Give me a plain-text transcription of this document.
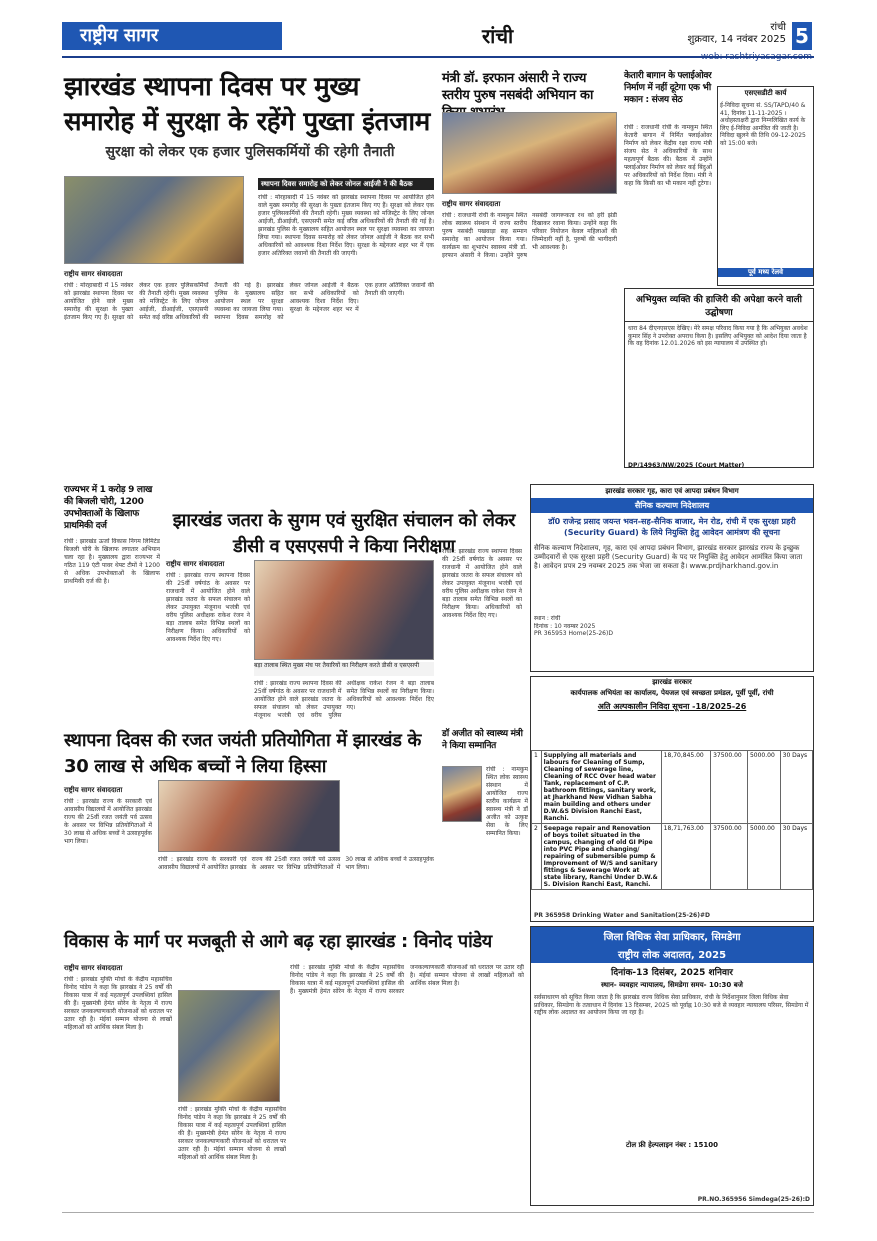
राष्ट्रीय सागर	रांची	रांची
शुक्रवार, 14 नवंबर 2025 5
web: rashtriyasagar.com
झारखंड स्थापना दिवस पर मुख्य समारोह में सुरक्षा के रहेंगे पुख्ता इंतजाम
सुरक्षा को लेकर एक हजार पुलिसकर्मियों की रहेगी तैनाती
स्थापना दिवस समारोह को लेकर जोनल आईजी ने की बैठक
रांची : मोरहाबादी में 15 नवंबर को झारखंड स्थापना दिवस पर आयोजित होने वाले मुख्य समारोह की सुरक्षा के पुख्ता इंतजाम किए गए हैं। सुरक्षा को लेकर एक हजार पुलिसकर्मियों की तैनाती रहेगी। मुख्य व्यवस्था को मजिस्ट्रेट के लिए जोनल आईजी, डीआईजी, एसएसपी समेत कई वरिष्ठ अधिकारियों की तैनाती की गई है। झारखंड पुलिस के मुख्यालय सहित आयोजन स्थल पर सुरक्षा व्यवस्था का जायजा लिया गया। स्थापना दिवस समारोह को लेकर जोनल आईजी ने बैठक कर सभी अधिकारियों को आवश्यक दिशा निर्देश दिए। सुरक्षा के मद्देनजर शहर भर में एक हजार अतिरिक्त जवानों की तैनाती की जाएगी।
राष्ट्रीय सागर संवाददाता
रांची : मोरहाबादी में 15 नवंबर को झारखंड स्थापना दिवस पर आयोजित होने वाले मुख्य समारोह की सुरक्षा के पुख्ता इंतजाम किए गए हैं। सुरक्षा को लेकर एक हजार पुलिसकर्मियों की तैनाती रहेगी। मुख्य व्यवस्था को मजिस्ट्रेट के लिए जोनल आईजी, डीआईजी, एसएसपी समेत कई वरिष्ठ अधिकारियों की तैनाती की गई है। झारखंड पुलिस के मुख्यालय सहित आयोजन स्थल पर सुरक्षा व्यवस्था का जायजा लिया गया। स्थापना दिवस समारोह को लेकर जोनल आईजी ने बैठक कर सभी अधिकारियों को आवश्यक दिशा निर्देश दिए। सुरक्षा के मद्देनजर शहर भर में एक हजार अतिरिक्त जवानों की तैनाती की जाएगी।
मंत्री डॉ. इरफान अंसारी ने राज्य स्तरीय पुरुष नसबंदी अभियान का
राष्ट्रीय सागर संवाददाता
रांची : राजधानी रांची के नामकुम स्थित लोक स्वास्थ्य संस्थान में राज्य स्तरीय पुरुष नसबंदी पखवाड़ा सह सम्मान समारोह का आयोजन किया गया। कार्यक्रम का शुभारंभ स्वास्थ्य मंत्री डॉ. इरफान अंसारी ने किया। उन्होंने पुरुष नसबंदी जागरूकता रथ को हरी झंडी दिखाकर रवाना किया। उन्होंने कहा कि परिवार नियोजन केवल महिलाओं की जिम्मेदारी नहीं है, पुरुषों की भागीदारी भी आवश्यक है।
केतारी बागान के फ्लाईओवर निर्माण में नहीं दूटेगा एक भी मकान : संजय सेठ
रांची : राजधानी रांची के नामकुम स्थित केतारी बागान में निर्मित फ्लाईओवर निर्माण को लेकर केंद्रीय रक्षा राज्य मंत्री संजय सेठ ने अधिकारियों के साथ महत्वपूर्ण बैठक की। बैठक में उन्होंने फ्लाईओवर निर्माण को लेकर कई बिंदुओं पर अधिकारियों को निर्देश दिया। मंत्री ने कहा कि किसी का भी मकान नहीं टूटेगा।
एसएसडीटी कार्य
ई-निविदा सूचना सं. SS/TAPD/40 & 41, दिनांक 11-11-2025 । अधोहस्ताक्षरी द्वारा निम्नलिखित कार्य के लिए ई-निविदा आमंत्रित की जाती है। निविदा खुलने की तिथि 09-12-2025 को 15:00 बजे।
पूर्व मध्य रेलवे
अभियुक्त व्यक्ति की हाजिरी की अपेक्षा करने वाली उद्घोषणा
धारा 84 दीएनएसएस देखिए। मेरे समक्ष परिवाद किया गया है कि अभियुक्त अवधेश कुमार सिंह ने उपरोक्त अपराध किया है। इसलिए अभियुक्त को आदेश दिया जाता है कि वह दिनांक 12.01.2026 को इस न्यायालय में उपस्थित हों।
DP/14963/NW/2025 (Court Matter)
राज्यभर में 1 करोड़ 9 लाख की बिजली चोरी, 1200 उपभोक्ताओं के खिलाफ प्राथमिकी दर्ज
रांची : झारखंड ऊर्जा विकास निगम लिमिटेड बिजली चोरी के खिलाफ लगातार अभियान चला रहा है। मुख्यालय द्वारा राज्यभर में गठित 119 एंटी पावर थेफ्ट टीमों ने 1200 से अधिक उपभोक्ताओं के खिलाफ प्राथमिकी दर्ज की है।
झारखंड जतरा के सुगम एवं सुरक्षित संचालन को लेकर डीसी व एसएसपी ने किया निरीक्षण
राष्ट्रीय सागर संवाददाता
रांची : झारखंड राज्य स्थापना दिवस की 25वीं वर्षगांठ के अवसर पर राजधानी में आयोजित होने वाले झारखंड जतरा के सफल संचालन को लेकर उपायुक्त मंजूनाथ भजंत्री एवं वरीय पुलिस अधीक्षक राकेश रंजन ने बड़ा तालाब समेत विभिन्न स्थलों का निरीक्षण किया। अधिकारियों को आवश्यक निर्देश दिए गए।
बड़ा तालाब स्थित मुख्य मंच पर तैयारियों का निरीक्षण करते डीसी व एसएसपी
रांची : झारखंड राज्य स्थापना दिवस की 25वीं वर्षगांठ के अवसर पर राजधानी में आयोजित होने वाले झारखंड जतरा के सफल संचालन को लेकर उपायुक्त मंजूनाथ भजंत्री एवं वरीय पुलिस अधीक्षक राकेश रंजन ने बड़ा तालाब समेत विभिन्न स्थलों का निरीक्षण किया। अधिकारियों को आवश्यक निर्देश दिए गए।
रांची : झारखंड राज्य स्थापना दिवस की 25वीं वर्षगांठ के अवसर पर राजधानी में आयोजित होने वाले झारखंड जतरा के सफल संचालन को लेकर उपायुक्त मंजूनाथ भजंत्री एवं वरीय पुलिस अधीक्षक राकेश रंजन ने बड़ा तालाब समेत विभिन्न स्थलों का निरीक्षण किया। अधिकारियों को आवश्यक निर्देश दिए गए।
झारखंड सरकार गृह, कारा एवं आपदा प्रबंधन विभाग
सैनिक कल्याण निदेशालय
डॉ0 राजेन्द्र प्रसाद जयन्त भवन-सह-सैनिक बाजार, मेन रोड, रांची में एक सुरक्षा प्रहरी (Security Guard) के लिये नियुक्ति हेतु आवेदन आमंत्रण की सूचना
सैनिक कल्याण निदेशालय, गृह, कारा एवं आपदा प्रबंधन विभाग, झारखंड सरकार झारखंड राज्य के इच्छुक उम्मीदवारों से एक सुरक्षा प्रहरी (Security Guard) के पद पर नियुक्ति हेतु आवेदन आमंत्रित किया जाता है। आवेदन प्रपत्र 29 नवम्बर 2025 तक भेजा जा सकता है। www.prdjharkhand.gov.in
स्थान : रांची
दिनांक : 10 नवम्बर 2025
PR 365953 Home(25-26)D
स्थापना दिवस की रजत जयंती प्रतियोगिता में झारखंड के 30 लाख से अधिक बच्चों ने लिया हिस्सा
राष्ट्रीय सागर संवाददाता
रांची : झारखंड राज्य के सरकारी एवं आवासीय विद्यालयों में आयोजित झारखंड राज्य की 25वीं रजत जयंती पर्व उत्सव के अवसर पर विभिन्न प्रतियोगिताओं में 30 लाख से अधिक बच्चों ने उत्साहपूर्वक भाग लिया।
रांची : झारखंड राज्य के सरकारी एवं आवासीय विद्यालयों में आयोजित झारखंड राज्य की 25वीं रजत जयंती पर्व उत्सव के अवसर पर विभिन्न प्रतियोगिताओं में 30 लाख से अधिक बच्चों ने उत्साहपूर्वक भाग लिया।
डॉ अजीत को स्वास्थ्य मंत्री ने किया सम्मानित
रांची : नामकुम स्थित लोक स्वास्थ्य संस्थान में आयोजित राज्य स्तरीय कार्यक्रम में स्वास्थ्य मंत्री ने डॉ अजीत को उत्कृष्ट सेवा के लिए सम्मानित किया।
झारखंड सरकार
कार्यपालक अभियंता का कार्यालय, पेयजल एवं स्वच्छता प्रमंडल, पूर्वी पूर्वी, रांची
अति अल्पकालीन निविदा सूचना -18/2025-26
1	Supplying all materials and labours for Cleaning of Sump, Cleaning of sewerage line, Cleaning of RCC Over head water Tank, replacement of C.P. bathroom fittings, sanitary work, at Jharkhand New Vidhan Sabha main building and others under D.W.&S Division Ranchi East, Ranchi.	18,70,845.00	37500.00	5000.00	30 Days
2	Seepage repair and Renovation of boys toilet situated in the campus, changing of old GI Pipe into PVC Pipe and changing/ repairing of submersible pump & Improvement of W/S and sanitary fittings & Sewerage Work at state library, Ranchi Under D.W.& S. Division Ranchi East, Ranchi.	18,71,763.00	37500.00	5000.00	30 Days
PR 365958 Drinking Water and Sanitation(25-26)#D
विकास के मार्ग पर मजबूती से आगे बढ़ रहा झारखंड : विनोद पांडेय
राष्ट्रीय सागर संवाददाता
रांची : झारखंड मुक्ति मोर्चा के केंद्रीय महासचिव विनोद पांडेय ने कहा कि झारखंड ने 25 वर्षों की विकास यात्रा में कई महत्वपूर्ण उपलब्धियां हासिल की हैं। मुख्यमंत्री हेमंत सोरेन के नेतृत्व में राज्य सरकार जनकल्याणकारी योजनाओं को धरातल पर उतार रही है। मंईयां सम्मान योजना से लाखों महिलाओं को आर्थिक संबल मिला है।
रांची : झारखंड मुक्ति मोर्चा के केंद्रीय महासचिव विनोद पांडेय ने कहा कि झारखंड ने 25 वर्षों की विकास यात्रा में कई महत्वपूर्ण उपलब्धियां हासिल की हैं। मुख्यमंत्री हेमंत सोरेन के नेतृत्व में राज्य सरकार जनकल्याणकारी योजनाओं को धरातल पर उतार रही है। मंईयां सम्मान योजना से लाखों महिलाओं को आर्थिक संबल मिला है।
रांची : झारखंड मुक्ति मोर्चा के केंद्रीय महासचिव विनोद पांडेय ने कहा कि झारखंड ने 25 वर्षों की विकास यात्रा में कई महत्वपूर्ण उपलब्धियां हासिल की हैं। मुख्यमंत्री हेमंत सोरेन के नेतृत्व में राज्य सरकार जनकल्याणकारी योजनाओं को धरातल पर उतार रही है। मंईयां सम्मान योजना से लाखों महिलाओं को आर्थिक संबल मिला है।
जिला विधिक सेवा प्राधिकार, सिमडेगा
राष्ट्रीय लोक अदालत, 2025
दिनांक-13 दिसंबर, 2025 शनिवार
स्थान- व्यवहार न्यायालय, सिमडेगा समय- 10:30 बजे
सर्वसाधारण को सूचित किया जाता है कि झारखंड राज्य विधिक सेवा प्राधिकार, रांची के निर्देशानुसार जिला विधिक सेवा प्राधिकार, सिमडेगा के तत्वाधान में दिनांक 13 दिसम्बर, 2025 को पूर्वाह्न 10:30 बजे से व्यवहार न्यायालय परिसर, सिमडेगा में राष्ट्रीय लोक अदालत का आयोजन किया जा रहा है।
टोल फ्री हेल्पलाइन नंबर : 15100
PR.NO.365956 Simdega(25-26):D
